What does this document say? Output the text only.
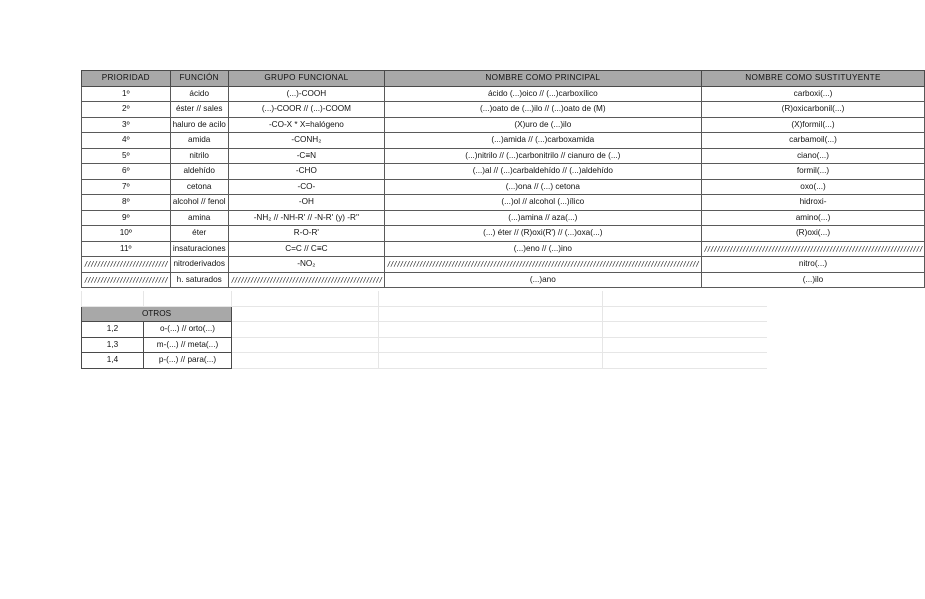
PRIORIDAD	FUNCIÓN	GRUPO FUNCIONAL	NOMBRE COMO PRINCIPAL	NOMBRE COMO SUSTITUYENTE
1º	ácido	(...)-COOH	ácido (...)oico // (...)carboxílico	carboxi(...)
2º	éster // sales	(...)-COOR // (...)-COOM	(...)oato de (...)ilo // (...)oato de (M)	(R)oxicarbonil(...)
3º	haluro de acilo	-CO-X * X=halógeno	(X)uro de (...)ilo	(X)formil(...)
4º	amida	-CONH₂	(...)amida // (...)carboxamida	carbamoil(...)
5º	nitrilo	-C≡N	(...)nitrilo // (...)carbonitrilo // cianuro de (...)	ciano(...)
6º	aldehído	-CHO	(...)al // (...)carbaldehído // (...)aldehído	formil(...)
7º	cetona	-CO-	(...)ona // (...) cetona	oxo(...)
8º	alcohol // fenol	-OH	(...)ol // alcohol (...)ílico	hidroxi-
9º	amina	-NH₂ // -NH-R' // -N-R' (y) -R''	(...)amina // aza(...)	amino(...)
10º	éter	R-O-R'	(...) éter // (R)oxi(R') // (...)oxa(...)	(R)oxi(...)
11º	insaturaciones	C=C // C≡C	(...)eno // (...)ino	////////////////////////////////////////////////////////////////////
//////////////////////////	nitroderivados	-NO₂	/////////////////////////////////////////////////////////////////////////////////////////////////	nitro(...)
//////////////////////////	h. saturados	///////////////////////////////////////////////	(...)ano	(...)ilo

OTROS				
1,2	o-(...) // orto(...)			
1,3	m-(...) // meta(...)			
1,4	p-(...) // para(...)			
